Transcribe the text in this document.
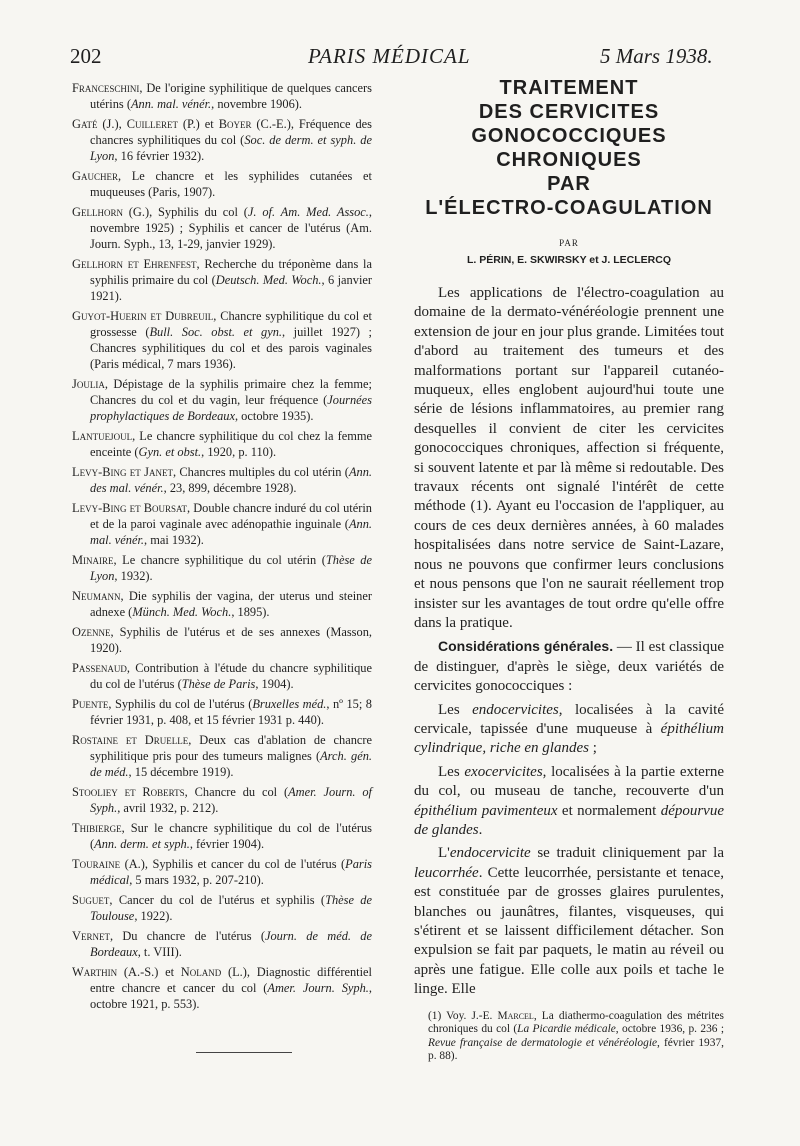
202	PARIS MÉDICAL	5 Mars 1938.

Franceschini, De l'origine syphilitique de quelques cancers utérins (Ann. mal. vénér., novembre 1906).

Gaté (J.), Cuilleret (P.) et Boyer (C.-E.), Fréquence des chancres syphilitiques du col (Soc. de derm. et syph. de Lyon, 16 février 1932).

Gaucher, Le chancre et les syphilides cutanées et muqueuses (Paris, 1907).

Gellhorn (G.), Syphilis du col (J. of. Am. Med. Assoc., novembre 1925) ; Syphilis et cancer de l'utérus (Am. Journ. Syph., 13, 1-29, janvier 1929).

Gellhorn et Ehrenfest, Recherche du tréponème dans la syphilis primaire du col (Deutsch. Med. Woch., 6 janvier 1921).

Guyot-Huerin et Dubreuil, Chancre syphilitique du col et grossesse (Bull. Soc. obst. et gyn., juillet 1927) ; Chancres syphilitiques du col et des parois vaginales (Paris médical, 7 mars 1936).

Joulia, Dépistage de la syphilis primaire chez la femme; Chancres du col et du vagin, leur fréquence (Journées prophylactiques de Bordeaux, octobre 1935).

Lantuejoul, Le chancre syphilitique du col chez la femme enceinte (Gyn. et obst., 1920, p. 110).

Levy-Bing et Janet, Chancres multiples du col utérin (Ann. des mal. vénér., 23, 899, décembre 1928).

Levy-Bing et Boursat, Double chancre induré du col utérin et de la paroi vaginale avec adénopathie inguinale (Ann. mal. vénér., mai 1932).

Minaire, Le chancre syphilitique du col utérin (Thèse de Lyon, 1932).

Neumann, Die syphilis der vagina, der uterus und steiner adnexe (Münch. Med. Woch., 1895).

Ozenne, Syphilis de l'utérus et de ses annexes (Masson, 1920).

Passenaud, Contribution à l'étude du chancre syphilitique du col de l'utérus (Thèse de Paris, 1904).

Puente, Syphilis du col de l'utérus (Bruxelles méd., nº 15; 8 février 1931, p. 408, et 15 février 1931 p. 440).

Rostaine et Druelle, Deux cas d'ablation de chancre syphilitique pris pour des tumeurs malignes (Arch. gén. de méd., 15 décembre 1919).

Stooliey et Roberts, Chancre du col (Amer. Journ. of Syph., avril 1932, p. 212).

Thibierge, Sur le chancre syphilitique du col de l'utérus (Ann. derm. et syph., février 1904).

Touraine (A.), Syphilis et cancer du col de l'utérus (Paris médical, 5 mars 1932, p. 207-210).

Suguet, Cancer du col de l'utérus et syphilis (Thèse de Toulouse, 1922).

Vernet, Du chancre de l'utérus (Journ. de méd. de Bordeaux, t. VIII).

Warthin (A.-S.) et Noland (L.), Diagnostic différentiel entre chancre et cancer du col (Amer. Journ. Syph., octobre 1921, p. 553).

TRAITEMENT
DES CERVICITES
GONOCOCCIQUES
CHRONIQUES
PAR
L'ÉLECTRO-COAGULATION
PAR
L. PÉRIN, E. SKWIRSKY et J. LECLERCQ

Les applications de l'électro-coagulation au domaine de la dermato-vénéréologie prennent une extension de jour en jour plus grande. Limitées tout d'abord au traitement des tumeurs et des malformations portant sur l'appareil cutanéo-muqueux, elles englobent aujourd'hui toute une série de lésions inflammatoires, au premier rang desquelles il convient de citer les cervicites gonococciques chroniques, affection si fréquente, si souvent latente et par là même si redoutable. Des travaux récents ont signalé l'intérêt de cette méthode (1). Ayant eu l'occasion de l'appliquer, au cours de ces deux dernières années, à 60 malades hospitalisées dans notre service de Saint-Lazare, nous ne pouvons que confirmer leurs conclusions et nous pensons que l'on ne saurait réellement trop insister sur les avantages de tout ordre qu'elle offre dans la pratique.

Considérations générales. — Il est classique de distinguer, d'après le siège, deux variétés de cervicites gonococciques :

Les endocervicites, localisées à la cavité cervicale, tapissée d'une muqueuse à épithélium cylindrique, riche en glandes ;

Les exocervicites, localisées à la partie externe du col, ou museau de tanche, recouverte d'un épithélium pavimenteux et normalement dépourvue de glandes.

L'endocervicite se traduit cliniquement par la leucorrhée. Cette leucorrhée, persistante et tenace, est constituée par de grosses glaires purulentes, blanches ou jaunâtres, filantes, visqueuses, qui s'étirent et se laissent difficilement détacher. Son expulsion se fait par paquets, le matin au réveil ou après une fatigue. Elle colle aux poils et tache le linge. Elle

(1) Voy. J.-E. Marcel, La diathermo-coagulation des métrites chroniques du col (La Picardie médicale, octobre 1936, p. 236 ; Revue française de dermatologie et vénéréologie, février 1937, p. 88).
